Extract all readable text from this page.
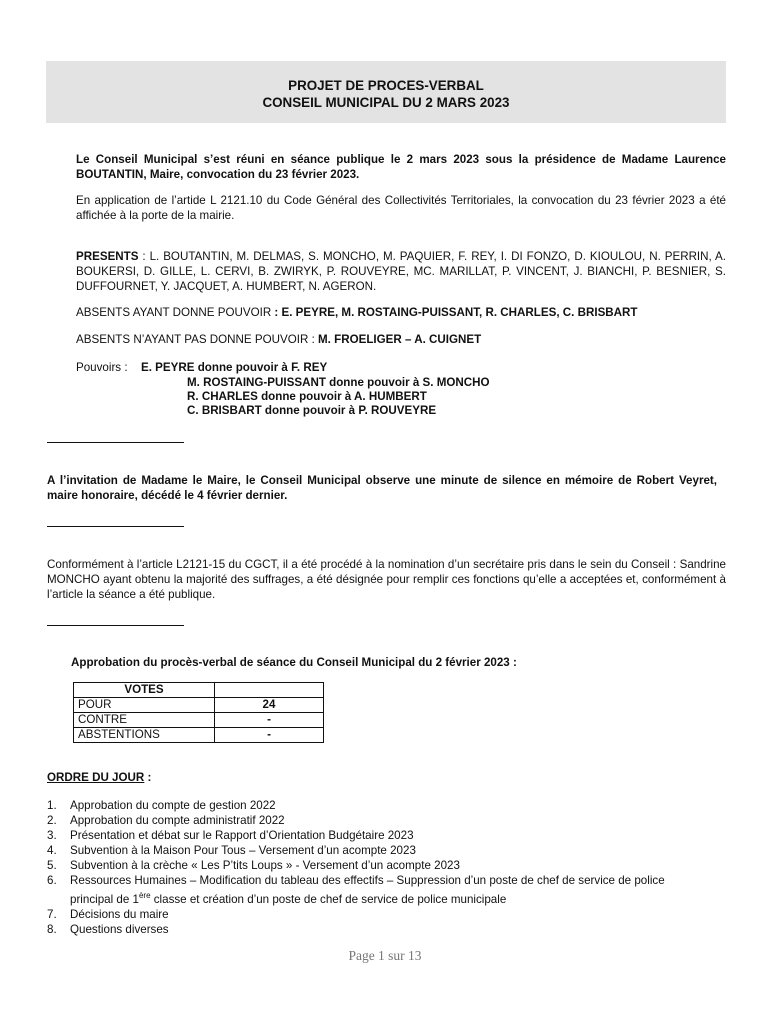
PROJET DE PROCES-VERBAL
CONSEIL MUNICIPAL DU 2 MARS 2023
Le Conseil Municipal s’est réuni en séance publique le 2 mars 2023 sous la présidence de Madame Laurence BOUTANTIN, Maire, convocation du 23 février 2023.
En application de l’artide L 2121.10 du Code Général des Collectivités Territoriales, la convocation du 23 février 2023 a été affichée à la porte de la mairie.
PRESENTS : L. BOUTANTIN, M. DELMAS, S. MONCHO, M. PAQUIER, F. REY, I. DI FONZO, D. KIOULOU, N. PERRIN, A. BOUKERSI, D. GILLE, L. CERVI, B. ZWIRYK, P. ROUVEYRE, MC. MARILLAT, P. VINCENT, J. BIANCHI, P. BESNIER, S. DUFFOURNET, Y. JACQUET, A. HUMBERT, N. AGERON.
ABSENTS AYANT DONNE POUVOIR : E. PEYRE, M. ROSTAING-PUISSANT, R. CHARLES, C. BRISBART
ABSENTS N’AYANT PAS DONNE POUVOIR : M. FROELIGER – A. CUIGNET
Pouvoirs :	E. PEYRE donne pouvoir à F. REY
M. ROSTAING-PUISSANT donne pouvoir à S. MONCHO
R. CHARLES donne pouvoir à A. HUMBERT
C. BRISBART donne pouvoir à P. ROUVEYRE
A l’invitation de Madame le Maire, le Conseil Municipal observe une minute de silence en mémoire de Robert Veyret, maire honoraire, décédé le 4 février dernier.
Conformément à l’article L2121-15 du CGCT, il a été procédé à la nomination d’un secrétaire pris dans le sein du Conseil : Sandrine MONCHO ayant obtenu la majorité des suffrages, a été désignée pour remplir ces fonctions qu’elle a acceptées et, conformément à l’article la séance a été publique.
Approbation du procès-verbal de séance du Conseil Municipal du 2 février 2023 :
VOTES	
POUR	24
CONTRE	-
ABSTENTIONS	-
ORDRE DU JOUR :
1. Approbation du compte de gestion 2022
2. Approbation du compte administratif 2022
3. Présentation et débat sur le Rapport d’Orientation Budgétaire 2023
4. Subvention à la Maison Pour Tous – Versement d’un acompte 2023
5. Subvention à la crèche « Les P’tits Loups » - Versement d’un acompte 2023
6. Ressources Humaines – Modification du tableau des effectifs – Suppression d’un poste de chef de service de police principal de 1ère classe et création d’un poste de chef de service de police municipale
7. Décisions du maire
8. Questions diverses
Page 1 sur 13
